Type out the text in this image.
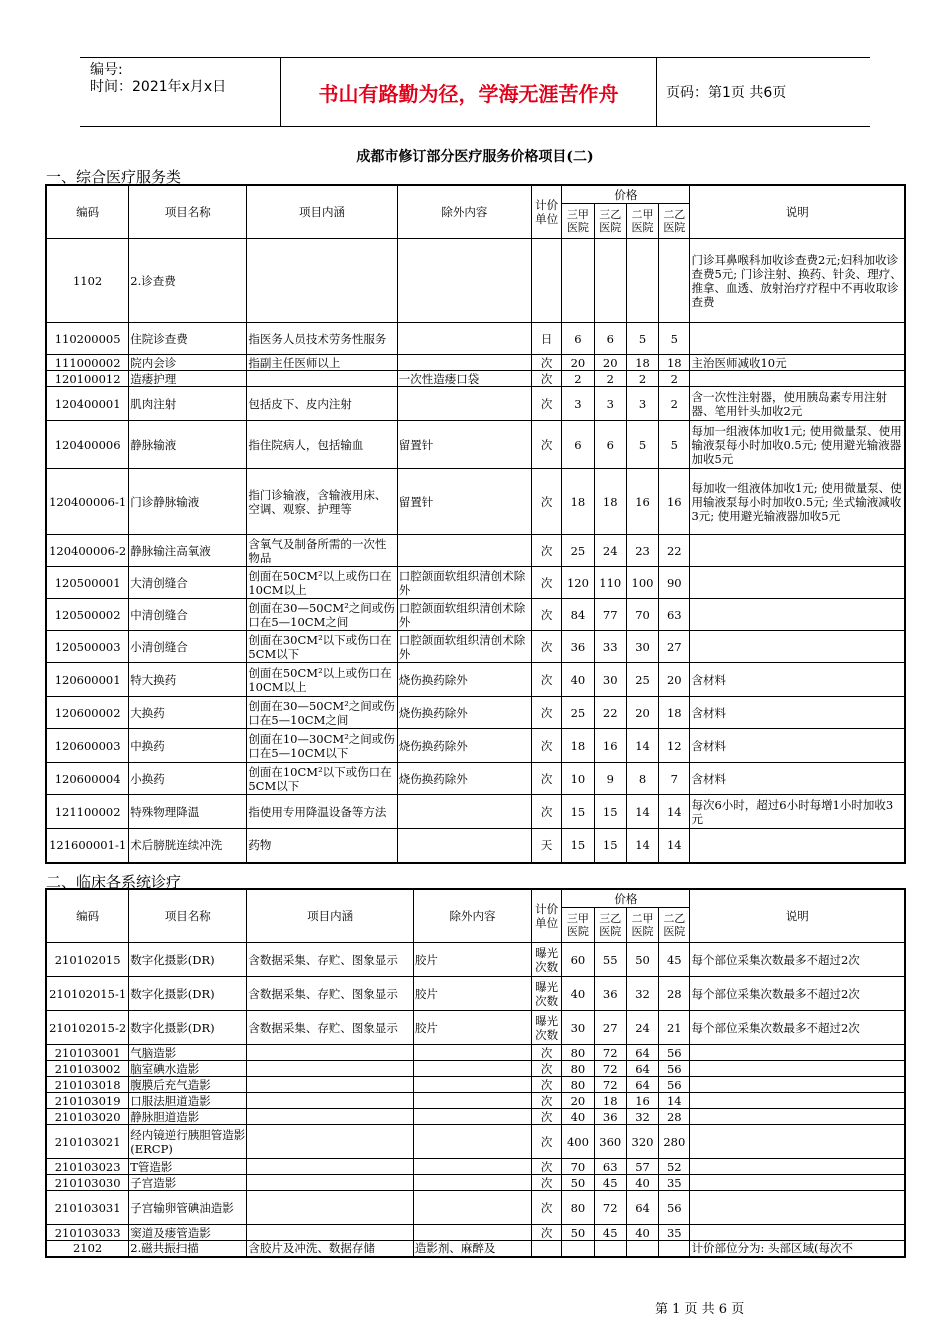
编号:
时间：2021年x月x日	书山有路勤为径，学海无涯苦作舟	页码：第1页 共6页
成都市修订部分医疗服务价格项目(二)
一、综合医疗服务类
编码	项目名称	项目内涵	除外内容	计价单位	价格				说明
					三甲医院	三乙医院	二甲医院	二乙医院	
1102	2.诊查费								门诊耳鼻喉科加收诊查费2元;妇科加收诊查费5元; 门诊注射、换药、针灸、理疗、推拿、血透、放射治疗疗程中不再收取诊查费
110200005	住院诊查费	指医务人员技术劳务性服务		日	6	6	5	5	
111000002	院内会诊	指副主任医师以上		次	20	20	18	18	主治医师减收10元
120100012	造瘘护理		一次性造瘘口袋	次	2	2	2	2	
120400001	肌肉注射	包括皮下、皮内注射		次	3	3	3	2	含一次性注射器，使用胰岛素专用注射器、笔用针头加收2元
120400006	静脉输液	指住院病人，包括输血	留置针	次	6	6	5	5	每加一组液体加收1元; 使用微量泵、使用输液泵每小时加收0.5元; 使用避光输液器加收5元
120400006-1	门诊静脉输液	指门诊输液，含输液用床、空调、观察、护理等	留置针	次	18	18	16	16	每加收一组液体加收1元; 使用微量泵、使用输液泵每小时加收0.5元; 坐式输液减收3元; 使用避光输液器加收5元
120400006-2	静脉输注高氧液	含氧气及制备所需的一次性物品		次	25	24	23	22	
120500001	大清创缝合	创面在50CM²以上或伤口在10CM以上	口腔颌面软组织清创术除外	次	120	110	100	90	
120500002	中清创缝合	创面在30—50CM²之间或伤口在5—10CM之间	口腔颌面软组织清创术除外	次	84	77	70	63	
120500003	小清创缝合	创面在30CM²以下或伤口在5CM以下	口腔颌面软组织清创术除外	次	36	33	30	27	
120600001	特大换药	创面在50CM²以上或伤口在10CM以上	烧伤换药除外	次	40	30	25	20	含材料
120600002	大换药	创面在30—50CM²之间或伤口在5—10CM之间	烧伤换药除外	次	25	22	20	18	含材料
120600003	中换药	创面在10—30CM²之间或伤口在5—10CM以下	烧伤换药除外	次	18	16	14	12	含材料
120600004	小换药	创面在10CM²以下或伤口在5CM以下	烧伤换药除外	次	10	9	8	7	含材料
121100002	特殊物理降温	指使用专用降温设备等方法		次	15	15	14	14	每次6小时，超过6小时每增1小时加收3元
121600001-1	术后膀胱连续冲洗	药物		天	15	15	14	14	
二、临床各系统诊疗
编码	项目名称	项目内涵	除外内容	计价单位	价格				说明
					三甲医院	三乙医院	二甲医院	二乙医院	
210102015	数字化摄影(DR)	含数据采集、存贮、图象显示	胶片	曝光次数	60	55	50	45	每个部位采集次数最多不超过2次
210102015-1	数字化摄影(DR)	含数据采集、存贮、图象显示	胶片	曝光次数	40	36	32	28	每个部位采集次数最多不超过2次
210102015-2	数字化摄影(DR)	含数据采集、存贮、图象显示	胶片	曝光次数	30	27	24	21	每个部位采集次数最多不超过2次
210103001	气脑造影			次	80	72	64	56	
210103002	脑室碘水造影			次	80	72	64	56	
210103018	腹膜后充气造影			次	80	72	64	56	
210103019	口服法胆道造影			次	20	18	16	14	
210103020	静脉胆道造影			次	40	36	32	28	
210103021	经内镜逆行胰胆管造影(ERCP)			次	400	360	320	280	
210103023	T管造影			次	70	63	57	52	
210103030	子宫造影			次	50	45	40	35	
210103031	子宫输卵管碘油造影			次	80	72	64	56	
210103033	窦道及瘘管造影			次	50	45	40	35	
2102	2.磁共振扫描	含胶片及冲洗、数据存储	造影剂、麻醉及						计价部位分为: 头部区域(每次不
第 1 页 共 6 页
